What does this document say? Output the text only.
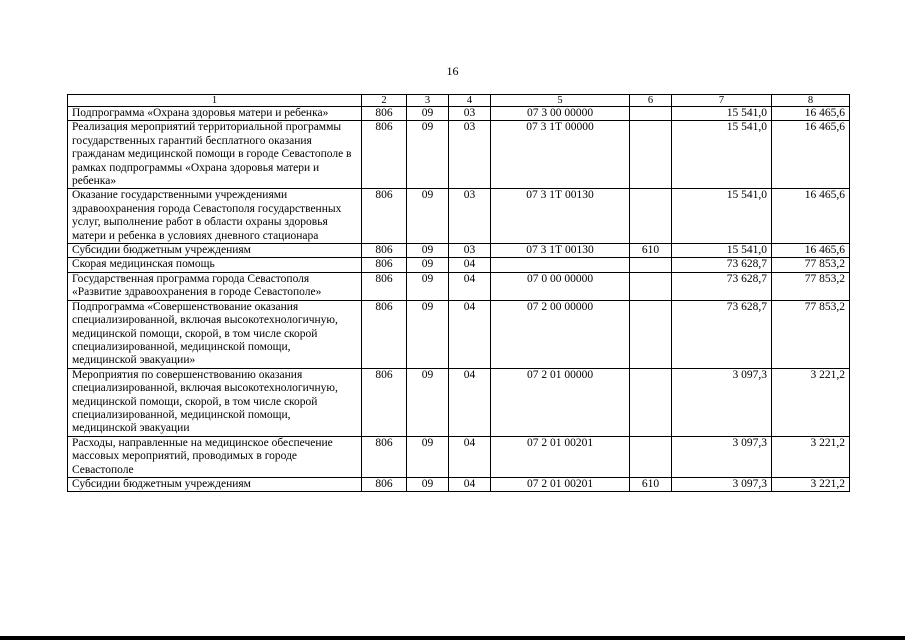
16
1	2	3	4	5	6	7	8
Подпрограмма «Охрана здоровья матери и ребенка»	806	09	03	07 3 00 00000		15 541,0	16 465,6
Реализация мероприятий территориальной программы государственных гарантий бесплатного оказания гражданам медицинской помощи в городе Севастополе в рамках подпрограммы «Охрана здоровья матери и ребенка»	806	09	03	07 3 1Т 00000		15 541,0	16 465,6
Оказание государственными учреждениями здравоохранения города Севастополя государственных услуг, выполнение работ в области охраны здоровья матери и ребенка в условиях дневного стационара	806	09	03	07 3 1Т 00130		15 541,0	16 465,6
Субсидии бюджетным учреждениям	806	09	03	07 3 1Т 00130	610	15 541,0	16 465,6
Скорая медицинская помощь	806	09	04			73 628,7	77 853,2
Государственная программа города Севастополя «Развитие здравоохранения в городе Севастополе»	806	09	04	07 0 00 00000		73 628,7	77 853,2
Подпрограмма «Совершенствование оказания специализированной, включая высокотехнологичную, медицинской помощи, скорой, в том числе скорой специализированной, медицинской помощи, медицинской эвакуации»	806	09	04	07 2 00 00000		73 628,7	77 853,2
Мероприятия по совершенствованию оказания специализированной, включая высокотехнологичную, медицинской помощи, скорой, в том числе скорой специализированной, медицинской помощи, медицинской эвакуации	806	09	04	07 2 01 00000		3 097,3	3 221,2
Расходы, направленные на медицинское обеспечение массовых мероприятий, проводимых в городе Севастополе	806	09	04	07 2 01 00201		3 097,3	3 221,2
Субсидии бюджетным учреждениям	806	09	04	07 2 01 00201	610	3 097,3	3 221,2
